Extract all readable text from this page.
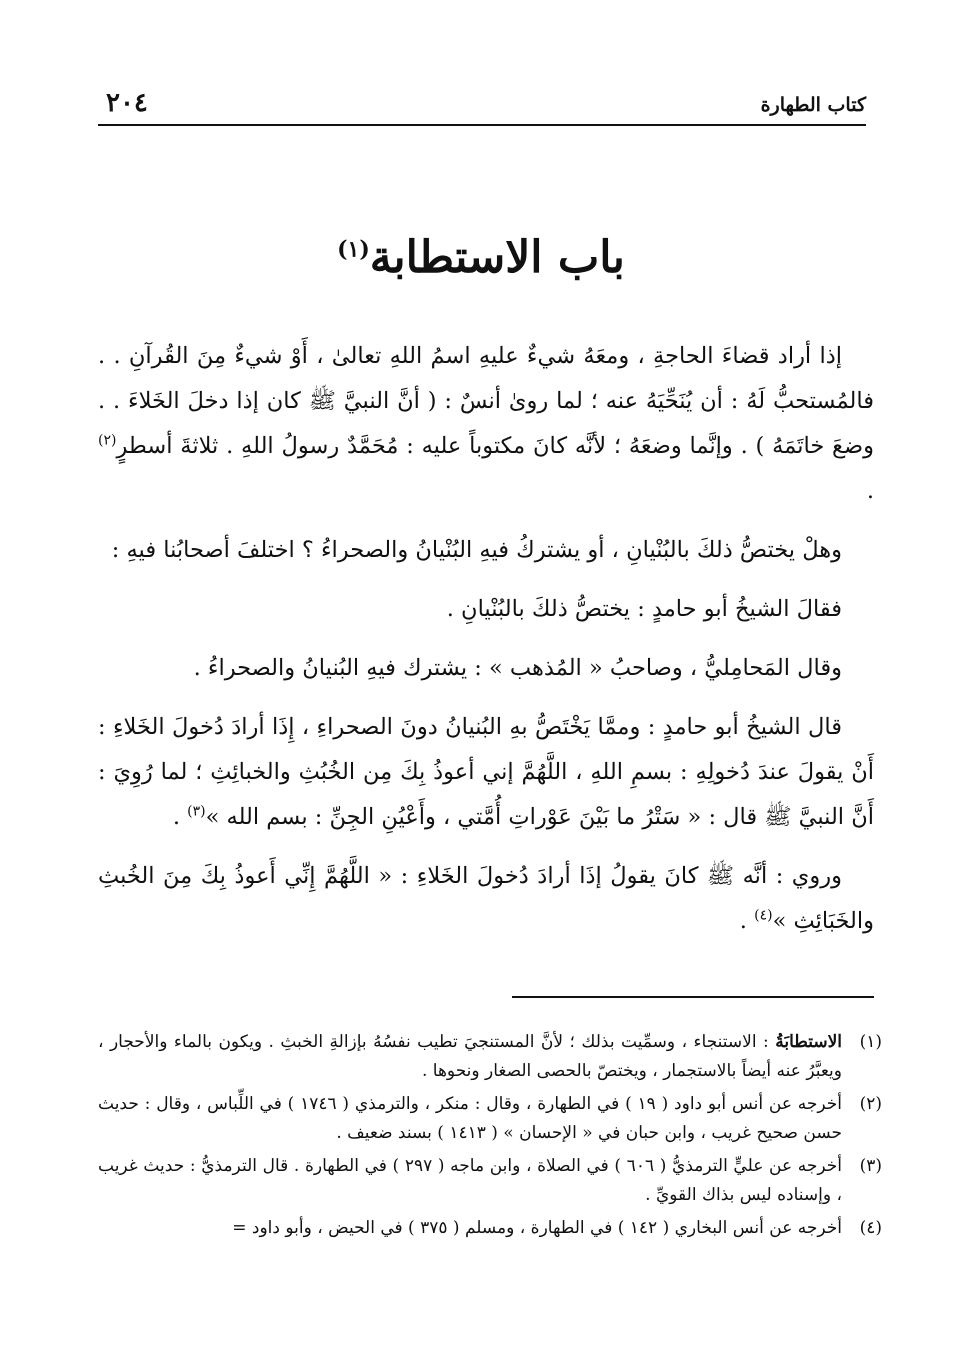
كتاب الطهارة
٢٠٤
باب الاستطابة$^{(١)}$

إذا أراد قضاءَ الحاجةِ ، ومعَهُ شيءٌ عليهِ اسمُ اللهِ تعالىٰ ، أَوْ شيءٌ مِنَ القُرآنِ . . فالمُستحبُّ لَهُ : أن يُنَحِّيَهُ عنه ؛ لما روىٰ أنسٌ : ( أنَّ النبيَّ ﷺ كان إذا دخلَ الخَلاءَ . . وضعَ خاتَمَهُ ) . وإنَّما وضعَهُ ؛ لأنَّه كانَ مكتوباً عليه : مُحَمَّدٌ رسولُ اللهِ . ثلاثةَ أسطرٍ$^{(٢)}$ .

وهلْ يختصُّ ذلكَ بالبُنْيانِ ، أو يشتركُ فيهِ البُنْيانُ والصحراءُ ؟ اختلفَ أصحابُنا فيهِ :

فقالَ الشيخُ أبو حامدٍ : يختصُّ ذلكَ بالبُنْيانِ .

وقال المَحامِليُّ ، وصاحبُ « المُذهب » : يشترك فيهِ البُنيانُ والصحراءُ .

قال الشيخُ أبو حامدٍ : وممَّا يَخْتَصُّ بهِ البُنيانُ دونَ الصحراءِ ، إِذَا أرادَ دُخولَ الخَلاءِ : أَنْ يقولَ عندَ دُخولِهِ : بسمِ اللهِ ، اللَّهُمَّ إني أعوذُ بِكَ مِن الخُبُثِ والخبائِثِ ؛ لما رُوِيَ : أَنَّ النبيَّ ﷺ قال : « سَتْرُ ما بَيْنَ عَوْراتِ أُمَّتي ، وأَعْيُنِ الجِنِّ : بسم الله »$^{(٣)}$ .

وروي : أنَّه ﷺ كانَ يقولُ إذَا أرادَ دُخولَ الخَلاءِ : « اللَّهُمَّ إِنِّي أَعوذُ بِكَ مِنَ الخُبثِ والخَبَائِثِ »$^{(٤)}$ .

(١)
الاستطابَةُ : الاستنجاء ، وسمِّيت بذلك ؛ لأنَّ المستنجيَ تطيب نفسُهُ بإزالةِ الخبثِ . ويكون بالماء والأحجار ، ويعبَّرُ عنه أيضاً بالاستجمار ، ويختصّ بالحصى الصغار ونحوها .
(٢)
أخرجه عن أنس أبو داود ( ١٩ ) في الطهارة ، وقال : منكر ، والترمذي ( ١٧٤٦ ) في اللِّباس ، وقال : حديث حسن صحيح غريب ، وابن حبان في « الإحسان » ( ١٤١٣ ) بسند ضعيف .
(٣)
أخرجه عن عليٍّ الترمذيُّ ( ٦٠٦ ) في الصلاة ، وابن ماجه ( ٢٩٧ ) في الطهارة . قال الترمذيُّ : حديث غريب ، وإسناده ليس بذاك القويِّ .
(٤)
أخرجه عن أنس البخاري ( ١٤٢ ) في الطهارة ، ومسلم ( ٣٧٥ ) في الحيض ، وأبو داود =
